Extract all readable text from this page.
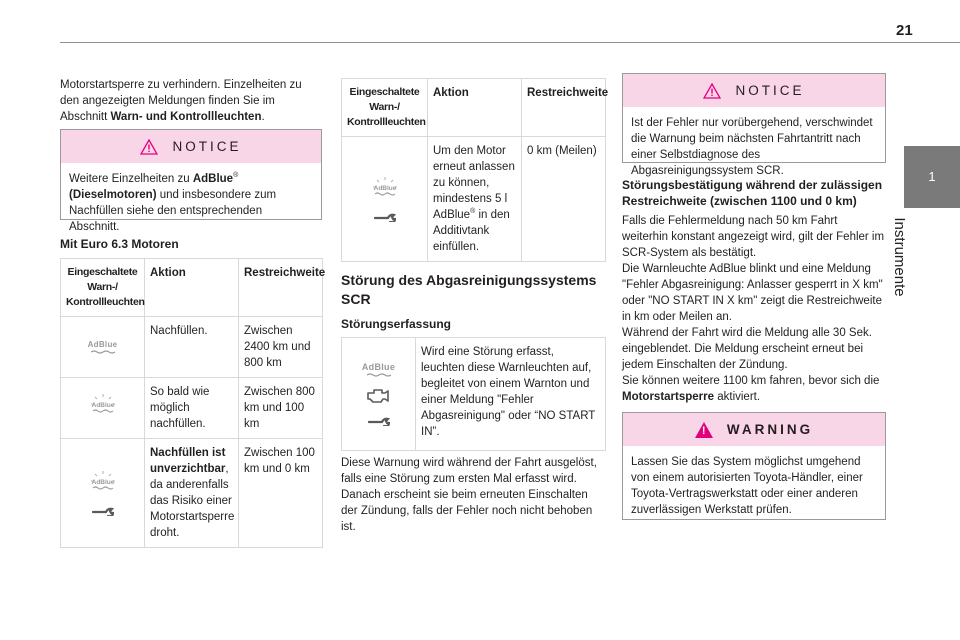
21
1
Instrumente

Motorstartsperre zu verhindern. Einzelheiten zu den angezeigten Meldungen finden Sie im Abschnitt Warn- und Kontrollleuchten.

NOTICE

Weitere Einzelheiten zu AdBlue® (Dieselmotoren) und insbesondere zum Nachfüllen siehe den entsprechenden Abschnitt.

Mit Euro 6.3 Motoren
Eingeschaltete Warn-/ Kontrollleuchten	Aktion	Restreichweite

AdBlue	Nachfüllen.	Zwischen 2400 km und 800 km

AdBlue	So bald wie möglich nachfüllen.	Zwischen 800 km und 100 km

AdBlue	Nachfüllen ist unverzichtbar, da anderenfalls das Risiko einer Motorstartsperre droht.	Zwischen 100 km und 0 km
Eingeschaltete Warn-/ Kontrollleuchten	Aktion	Restreichweite

AdBlue	Um den Motor erneut anlassen zu können, mindestens 5 l AdBlue® in den Additivtank einfüllen.	0 km (Meilen)
Störung des Abgasreinigungssystems SCR
Störungserfassung
AdBlue
	Wird eine Störung erfasst, leuchten diese Warnleuchten auf, begleitet von einem Warnton und einer Meldung "Fehler Abgasreinigung" oder “NO START IN”.

Diese Warnung wird während der Fahrt ausgelöst, falls eine Störung zum ersten Mal erfasst wird. Danach erscheint sie beim erneuten Einschalten der Zündung, falls der Fehler noch nicht behoben ist.

NOTICE

Ist der Fehler nur vorübergehend, verschwindet die Warnung beim nächsten Fahrtantritt nach einer Selbstdiagnose des Abgasreinigungssystem SCR.

Störungsbestätigung während der zulässigen Restreichweite (zwischen 1100 und 0 km)

Falls die Fehlermeldung nach 50 km Fahrt weiterhin konstant angezeigt wird, gilt der Fehler im SCR-System als bestätigt.

Die Warnleuchte AdBlue blinkt und eine Meldung "Fehler Abgasreinigung: Anlasser gesperrt in X km" oder "NO START IN X km" zeigt die Restreichweite in km oder Meilen an.

Während der Fahrt wird die Meldung alle 30 Sek. eingeblendet. Die Meldung erscheint erneut bei jedem Einschalten der Zündung.

Sie können weitere 1100 km fahren, bevor sich die Motorstartsperre aktiviert.

! WARNING

Lassen Sie das System möglichst umgehend von einem autorisierten Toyota-Händler, einer Toyota-Vertragswerkstatt oder einer anderen zuverlässigen Werkstatt prüfen.
